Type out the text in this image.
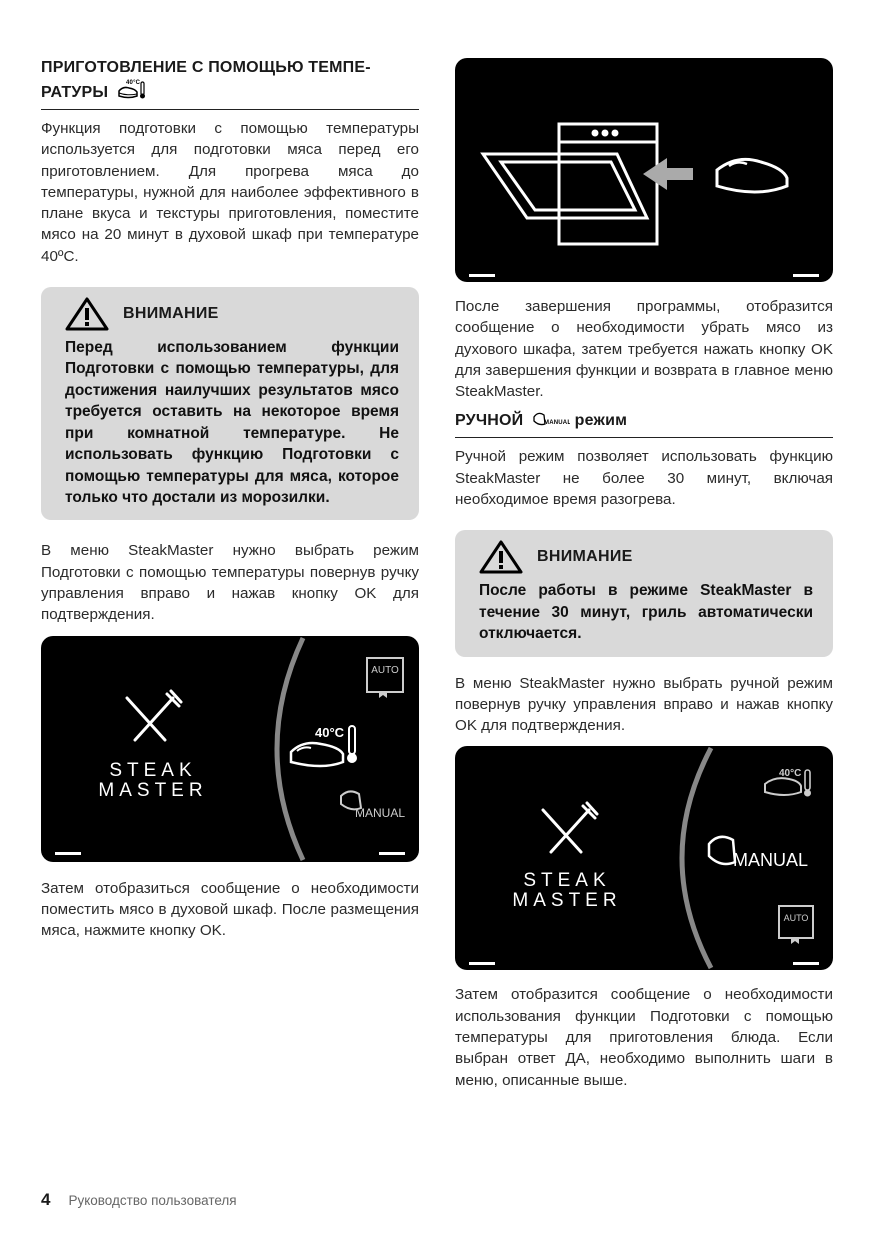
ПРИГОТОВЛЕНИЕ С ПОМОЩЬЮ ТЕМПЕ-РАТУРЫ
40°C

Функция подготовки с помощью температуры используется для подготовки мяса перед его приготовлением. Для прогрева мяса до температуры, нужной для наиболее эффективного в плане вкуса и текстуры приготовления, поместите мясо на 20 минут в духовой шкаф при температуре 40ºC.

ВНИМАНИЕ

Перед использованием функции Подготовки с помощью температуры, для достижения наилучших результатов мясо требуется оставить на некоторое время при комнатной температуре. Не использовать функцию Подготовки с помощью температуры для мяса, которое только что достали из морозилки.

В меню SteakMaster нужно выбрать режим Подготовки с помощью температуры повернув ручку управления вправо и нажав кнопку OK для подтверждения.

STEAK
MASTER
AUTO
40°C
MANUAL

Затем отобразиться сообщение о необходимости поместить мясо в духовой шкаф. После размещения мяса, нажмите кнопку OK.

После завершения программы, отобразится сообщение о необходимости убрать мясо из духового шкафа, затем требуется нажать кнопку OK для завершения функции и возврата в главное меню SteakMaster.

РУЧНОЙ	MANUAL режим

Ручной режим позволяет использовать функцию SteakMaster не более 30 минут, включая необходимое время разогрева.

ВНИМАНИЕ

После работы в режиме SteakMaster в течение 30 минут, гриль автоматически отключается.

В меню SteakMaster нужно выбрать ручной режим повернув ручку управления вправо и нажав кнопку OK для подтверждения.

STEAK
MASTER
40°C
MANUAL
AUTO

Затем отобразится сообщение о необходимости использования функции Подготовки с помощью температуры для приготовления блюда. Если выбран ответ ДА, необходимо выполнить шаги в меню, описанные выше.

4 Руководство пользователя
